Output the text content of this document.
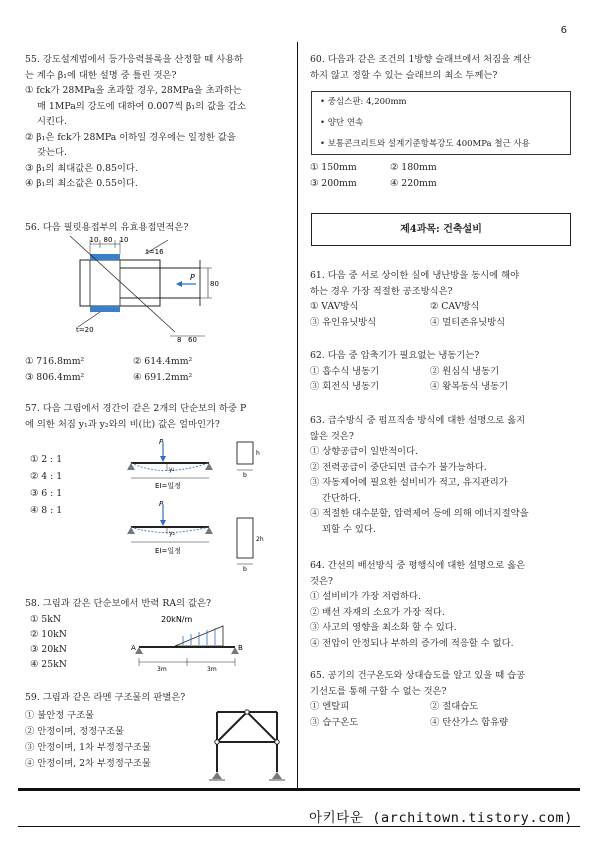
6
55. 강도설계법에서 등가응력블록을 산정할 때 사용하
는 계수 β₁에 대한 설명 중 틀린 것은?
① fck가 28MPa을 초과할 경우, 28MPa을 초과하는
매 1MPa의 강도에 대하여 0.007씩 β₁의 값을 감소
시킨다.
② β₁은 fck가 28MPa 이하일 경우에는 일정한 값을
갖는다.
③ β₁의 최대값은 0.85이다.
④ β₁의 최소값은 0.55이다.
56. 다음 필릿용접부의 유효용접면적은?
10 80 10
t=16
t=20
P
80
8 60
① 716.8mm²	② 614.4mm²
③ 806.4mm²	④ 691.2mm²
57. 다음 그림에서 경간이 같은 2개의 단순보의 하중 P
에 의한 처짐 y₁과 y₂와의 비(比) 값은 얼마인가?
① 2 : 1
② 4 : 1
③ 6 : 1
④ 8 : 1
P
y₁
EI=일정
h
b
P
y₂
EI=일정
2h
b
58. 그림과 같은 단순보에서 반력 RA의 값은?
① 5kN
② 10kN
③ 20kN
④ 25kN
20kN/m
A	B
3m	3m
59. 그림과 같은 라멘 구조물의 판별은?
① 불안정 구조물
② 안정이며, 정정구조물
③ 안정이며, 1차 부정정구조물
④ 안정이며, 2차 부정정구조물
60. 다음과 같은 조건의 1방향 슬래브에서 처짐을 계산
하지 않고 정할 수 있는 슬래브의 최소 두께는?
• 중심스판: 4,200mm
• 양단 연속
• 보통콘크리트와 설계기준항복강도 400MPa 철근 사용
① 150mm	② 180mm
③ 200mm	④ 220mm
제4과목: 건축설비
61. 다음 중 서로 상이한 실에 냉난방을 동시에 해야
하는 경우 가장 적절한 공조방식은?
① VAV방식	② CAV방식
③ 유인유닛방식	④ 멀티존유닛방식
62. 다음 중 압축기가 필요없는 냉동기는?
① 흡수식 냉동기	② 원심식 냉동기
③ 회전식 냉동기	④ 왕복동식 냉동기
63. 급수방식 중 펌프직송 방식에 대한 설명으로 옳지
않은 것은?
① 상향공급이 일반적이다.
② 전력공급이 중단되면 급수가 불가능하다.
③ 자동제어에 필요한 설비비가 적고, 유지관리가
간단하다.
④ 적절한 대수분할, 압력제어 등에 의해 에너지절약을
꾀할 수 있다.
64. 간선의 배선방식 중 평행식에 대한 설명으로 옳은
것은?
① 설비비가 가장 저렴하다.
② 배선 자재의 소요가 가장 적다.
③ 사고의 영향을 최소화 할 수 있다.
④ 전압이 안정되나 부하의 증가에 적응할 수 없다.
65. 공기의 건구온도와 상대습도를 알고 있을 때 습공
기선도를 통해 구할 수 없는 것은?
① 엔탈피	② 절대습도
③ 습구온도	④ 탄산가스 함유량
아키타운 (architown.tistory.com)
